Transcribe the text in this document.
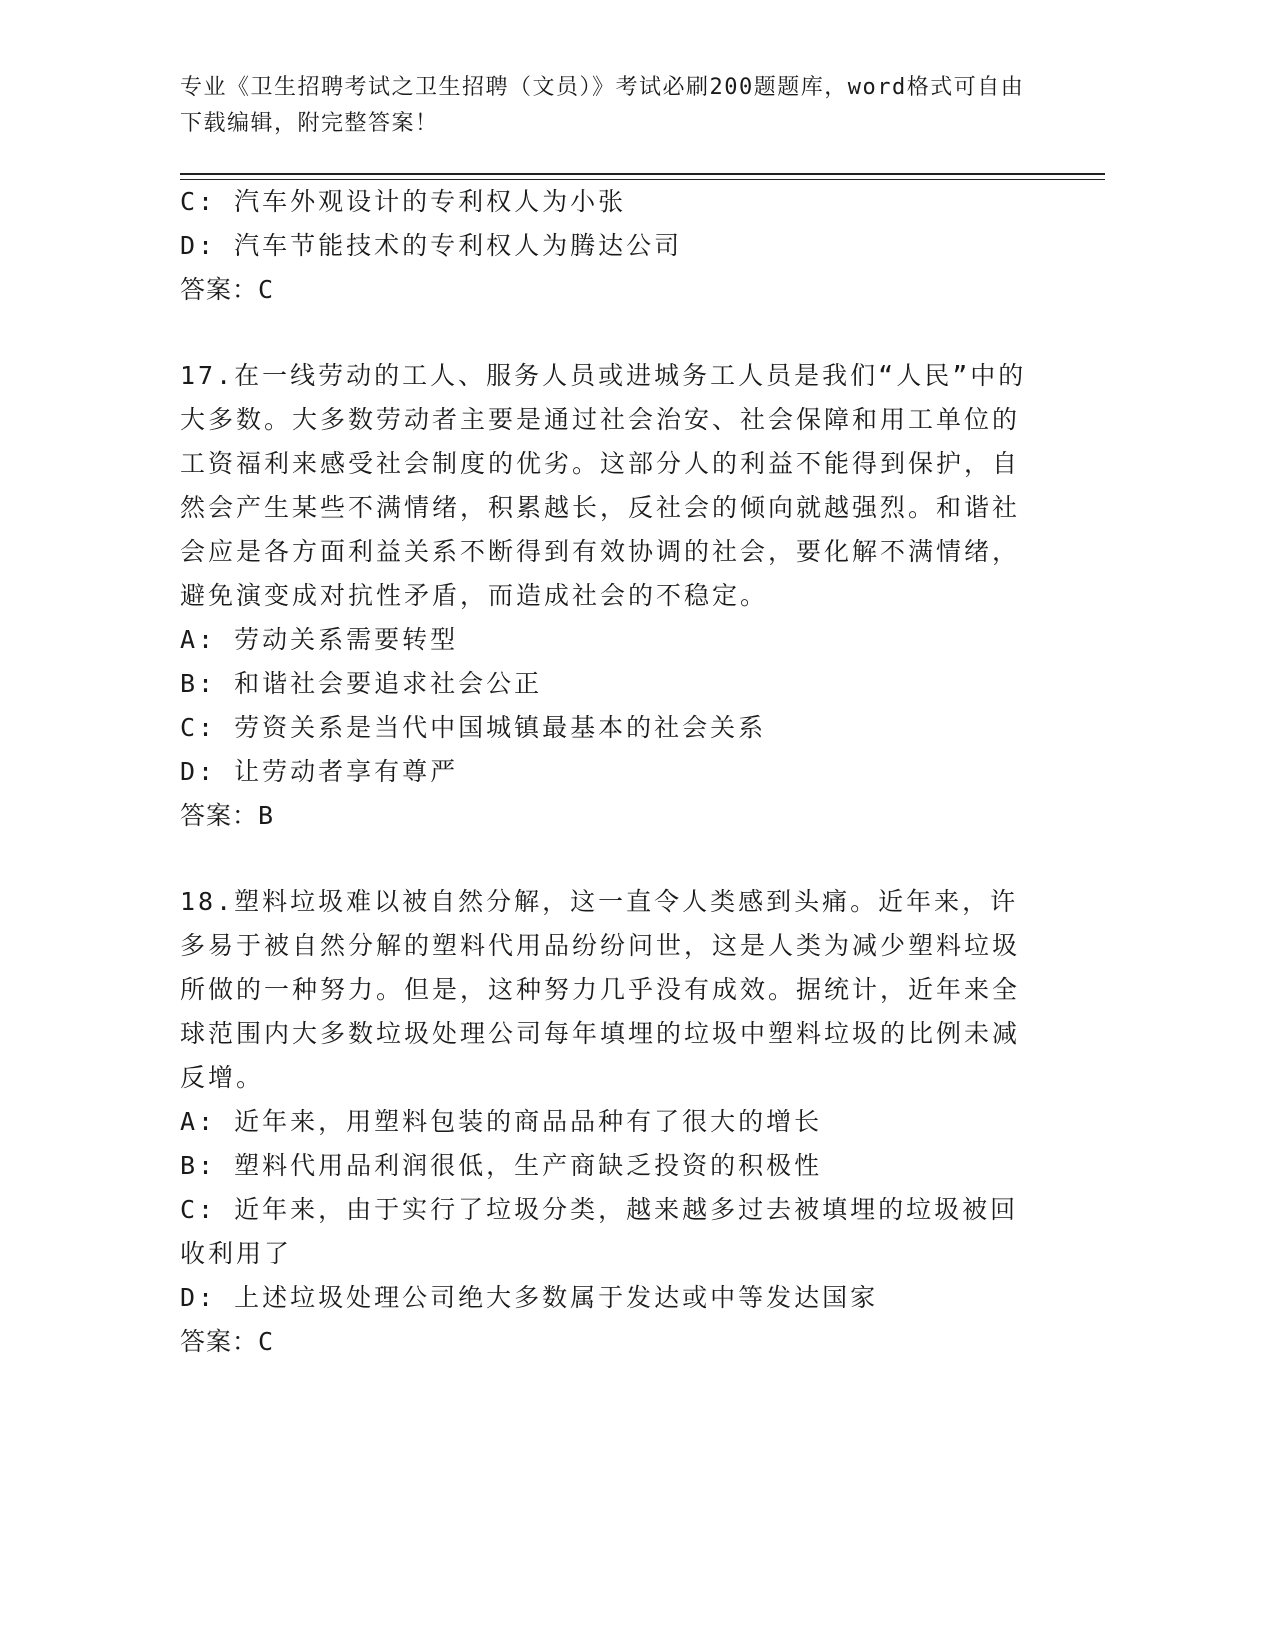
专业《卫生招聘考试之卫生招聘（文员）》考试必刷200题题库，word格式可自由下载编辑，附完整答案！

C: 汽车外观设计的专利权人为小张

D: 汽车节能技术的专利权人为腾达公司

答案：C

17.在一线劳动的工人、服务人员或进城务工人员是我们“人民”中的大多数。大多数劳动者主要是通过社会治安、社会保障和用工单位的工资福利来感受社会制度的优劣。这部分人的利益不能得到保护，自然会产生某些不满情绪，积累越长，反社会的倾向就越强烈。和谐社会应是各方面利益关系不断得到有效协调的社会，要化解不满情绪，避免演变成对抗性矛盾，而造成社会的不稳定。

A: 劳动关系需要转型

B: 和谐社会要追求社会公正

C: 劳资关系是当代中国城镇最基本的社会关系

D: 让劳动者享有尊严

答案：B

18.塑料垃圾难以被自然分解，这一直令人类感到头痛。近年来，许多易于被自然分解的塑料代用品纷纷问世，这是人类为减少塑料垃圾所做的一种努力。但是，这种努力几乎没有成效。据统计，近年来全球范围内大多数垃圾处理公司每年填埋的垃圾中塑料垃圾的比例未减反增。

A: 近年来，用塑料包装的商品品种有了很大的增长

B: 塑料代用品利润很低，生产商缺乏投资的积极性

C: 近年来，由于实行了垃圾分类，越来越多过去被填埋的垃圾被回收利用了

D: 上述垃圾处理公司绝大多数属于发达或中等发达国家

答案：C
